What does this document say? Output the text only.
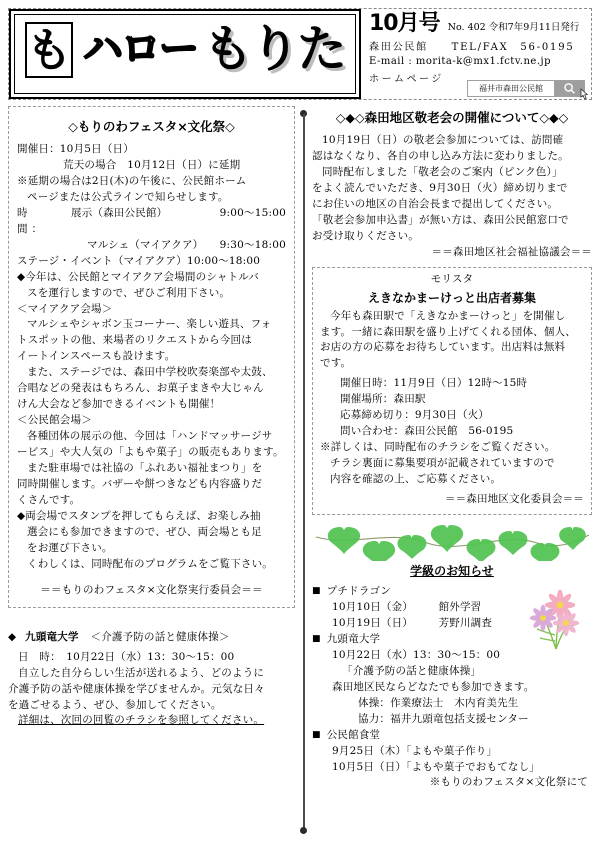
も ハロー もりた 10月号 No. 402 令和7年9月11日発行
森田公民館　　TEL/FAX　56-0195
E-mail : morita-k@mx1.fctv.ne.jp
ホームページ
福井市森田公民館
◇もりのわフェスタ×文化祭◇
開催日：10月5日（日）
荒天の場合　10月12日（日）に延期
※延期の場合は2日(木)の午後に、公民館ホーム
ページまたは公式ラインで知らせします。
時　間：
展示（森田公民館）	9:00〜15:00
マルシェ（マイアクア）	9:30〜18:00
ステージ・イベント（マイアクア）10:00〜18:00
◆今年は、公民館とマイアクア会場間のシャトルバ
スを運行しますので、ぜひご利用下さい。
＜マイアクア会場＞
マルシェやシャボン玉コーナー、楽しい遊具、フォ
トスポットの他、来場者のリクエストから今回は
イートインスペースも設けます。
また、ステージでは、森田中学校吹奏楽部や太鼓、
合唱などの発表はもちろん、お菓子まきや大じゃん
けん大会など参加できるイベントも開催！
＜公民館会場＞
各種団体の展示の他、今回は「ハンドマッサージサ
ービス」や大人気の「よもや菓子」の販売もあります。
また駐車場では社協の「ふれあい福祉まつり」を
同時開催します。バザーや餅つきなども内容盛りだ
くさんです。
◆両会場でスタンプを押してもらえば、お楽しみ抽
選会にも参加できますので、ぜひ、両会場とも足
をお運び下さい。
くわしくは、同時配布のプログラムをご覧下さい。
＝＝もりのわフェスタ×文化祭実行委員会＝＝
◆ 九頭竜大学 ＜介護予防の話と健康体操＞
日　時：　10月22日（水）13：30〜15：00
自立した自分らしい生活が送れるよう、どのように
介護予防の話や健康体操を学びませんか。元気な日々
を過ごせるよう、ぜひ、参加してください。
詳細は、次回の回覧のチラシを参照してください。
◇◆◇森田地区敬老会の開催について◇◆◇
10月19日（日）の敬老会参加については、訪問確
認はなくなり、各自の申し込み方法に変わりました。
同時配布しました「敬老会のご案内（ピンク色）」
をよく読んでいただき、9月30日（火）締め切りまで
にお住いの地区の自治会長まで提出してください。
「敬老会参加申込書」が無い方は、森田公民館窓口で
お受け取りください。
＝＝森田地区社会福祉協議会＝＝
モリスタ
えきなかまーけっと出店者募集
今年も森田駅で「えきなかまーけっと」を開催し
ます。一緒に森田駅を盛り上げてくれる団体、個人、
お店の方の応募をお待ちしています。出店料は無料
です。
開催日時：11月9日（日）12時〜15時
開催場所：森田駅
応募締め切り：9月30日（火）
問い合わせ：森田公民館　56-0195
※詳しくは、同時配布のチラシをご覧ください。
チラシ裏面に募集要項が記載されていますので
内容を確認の上、ご応募ください。
＝＝森田地区文化委員会＝＝
学級のお知らせ
■ プチドラゴン
10月10日（金） 館外学習
10月19日（日） 芳野川調査
■ 九頭竜大学
10月22日（水）13：30〜15：00
「介護予防の話と健康体操」
森田地区民ならどなたでも参加できます。
体操：作業療法士　木内育美先生
協力：福井九頭竜包括支援センター
■ 公民館食堂
9月25日（木）「よもや菓子作り」
10月5日（日）「よもや菓子でおもてなし」
※もりのわフェスタ×文化祭にて
